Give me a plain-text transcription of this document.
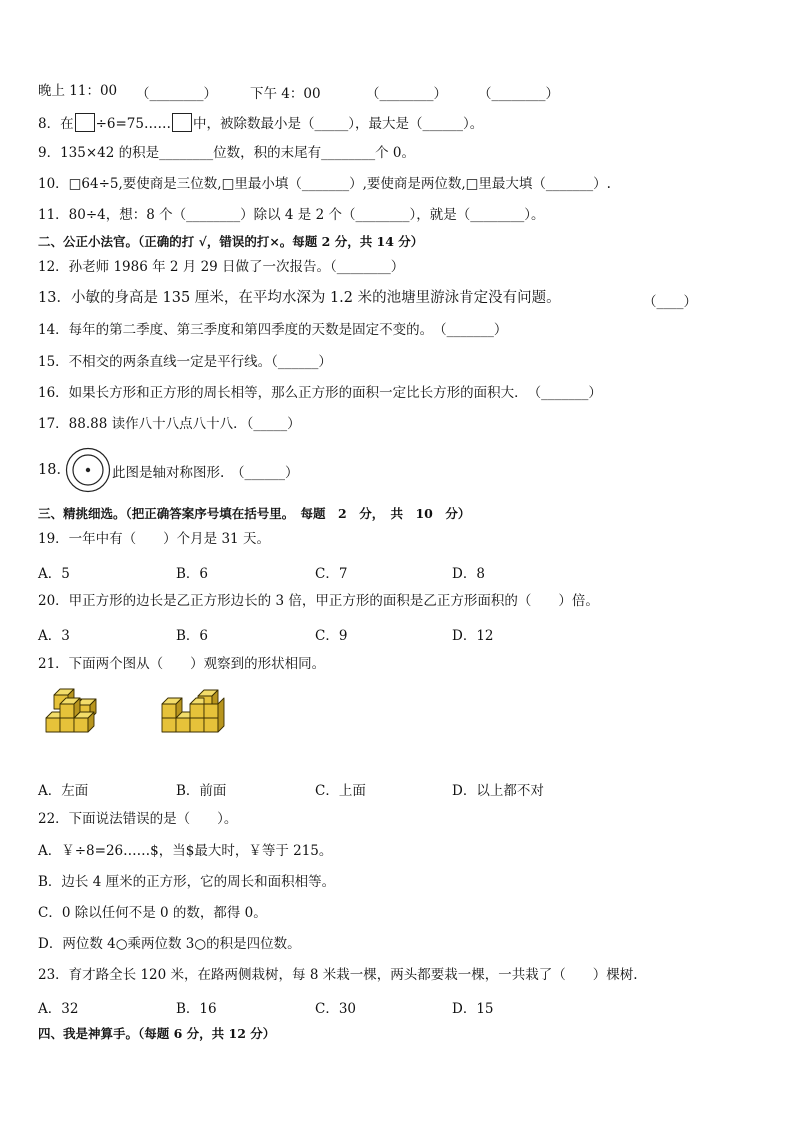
晚上 11：00 （________） 下午 4：00	（________） （________）
8．在 ÷6=75…… 中，被除数最小是（_____），最大是（______）。
9．135×42 的积是________位数，积的末尾有________个 0。
10．□64÷5,要使商是三位数,□里最小填（_______）,要使商是两位数,□里最大填（_______）.
11．80÷4，想：8 个（________）除以 4 是 2 个（________），就是（________）。
二、公正小法官。（正确的打 √，错误的打×。每题 2 分，共 14 分）
12．孙老师 1986 年 2 月 29 日做了一次报告。（________）
13．小敏的身高是 135 厘米，在平均水深为 1.2 米的池塘里游泳肯定没有问题。	（____）
14．每年的第二季度、第三季度和第四季度的天数是固定不变的。　（_______）
15．不相交的两条直线一定是平行线。（______）
16．如果长方形和正方形的周长相等，那么正方形的面积一定比长方形的面积大．　（_______）
17．88.88 读作八十八点八十八．（_____）
18．	此图是轴对称图形.　（______）
三、精挑细选。（把正确答案序号填在括号里。　每题　2　分，　共　10　分）
19．一年中有（　　）个月是 31 天。
A．5	B．6	C．7	D．8
20．甲正方形的边长是乙正方形边长的 3 倍，甲正方形的面积是乙正方形面积的（　　）倍。
A．3	B．6	C．9	D．12
21．下面两个图从（　　）观察到的形状相同。
A．左面	B．前面	C．上面	D．以上都不对
22．下面说法错误的是（　　）。
A．￥÷8=26……$，当$最大时，￥等于 215。
B．边长 4 厘米的正方形，它的周长和面积相等。
C．0 除以任何不是 0 的数，都得 0。
D．两位数 4○乘两位数 3○的积是四位数。
23．育才路全长 120 米，在路两侧栽树，每 8 米栽一棵，两头都要栽一棵，一共栽了（　　）棵树.
A．32	B．16	C．30	D．15
四、我是神算手。（每题 6 分，共 12 分）
